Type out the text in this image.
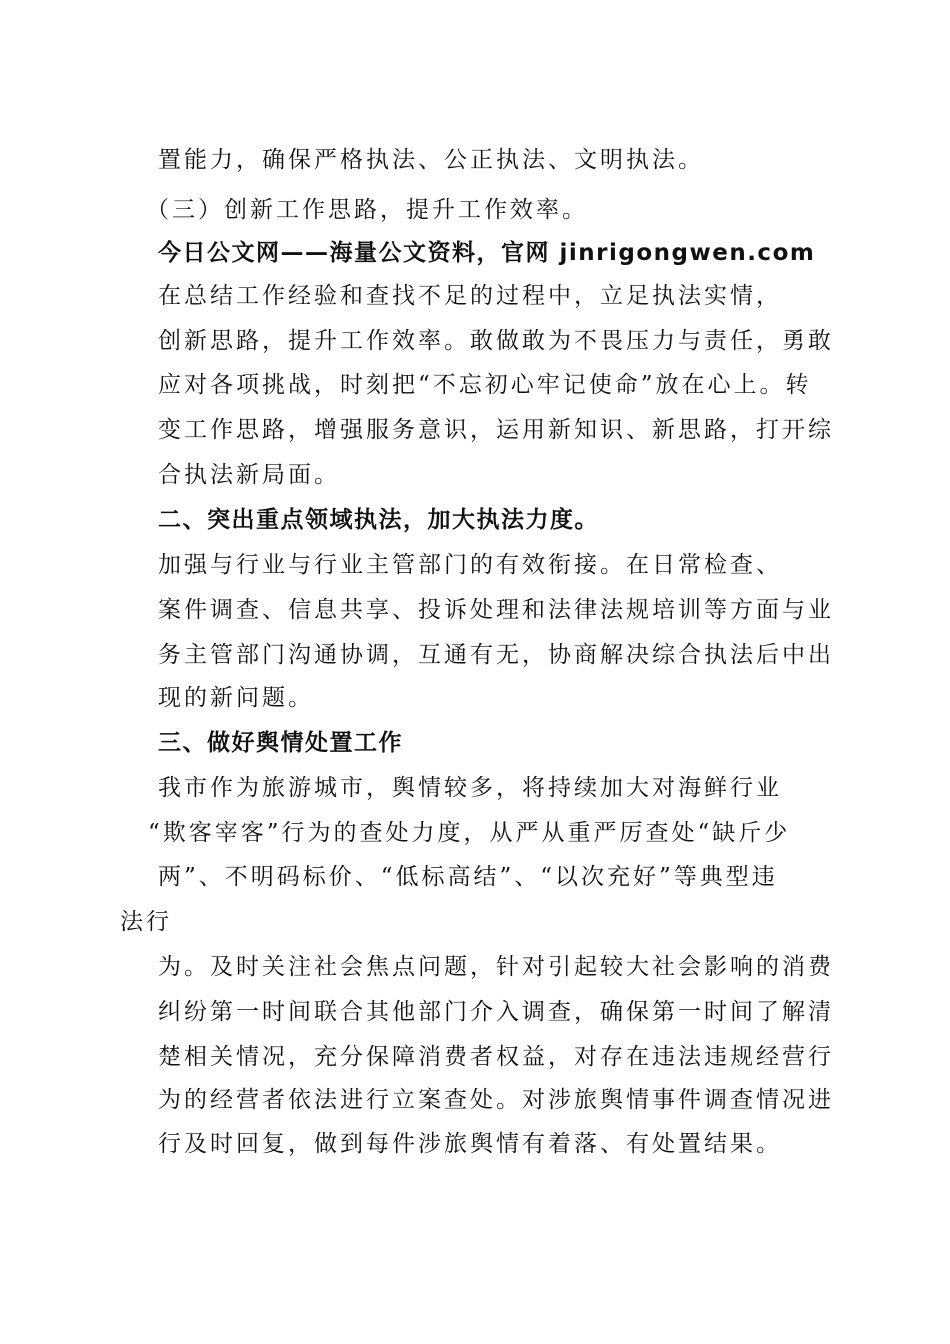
置能力，确保严格执法、公正执法、文明执法。
（三）创新工作思路，提升工作效率。
今日公文网——海量公文资料，官网 jinrigongwen.com
在总结工作经验和查找不足的过程中，立足执法实情，
创新思路，提升工作效率。敢做敢为不畏压力与责任，勇敢
应对各项挑战，时刻把“不忘初心牢记使命”放在心上。转
变工作思路，增强服务意识，运用新知识、新思路，打开综
合执法新局面。
二、突出重点领域执法，加大执法力度。
加强与行业与行业主管部门的有效衔接。在日常检查、
案件调查、信息共享、投诉处理和法律法规培训等方面与业
务主管部门沟通协调，互通有无，协商解决综合执法后中出
现的新问题。
三、做好舆情处置工作
我市作为旅游城市，舆情较多，将持续加大对海鲜行业
“欺客宰客”行为的查处力度，从严从重严厉查处“缺斤少
两”、不明码标价、“低标高结”、“以次充好”等典型违
法行
为。及时关注社会焦点问题，针对引起较大社会影响的消费
纠纷第一时间联合其他部门介入调查，确保第一时间了解清
楚相关情况，充分保障消费者权益，对存在违法违规经营行
为的经营者依法进行立案查处。对涉旅舆情事件调查情况进
行及时回复，做到每件涉旅舆情有着落、有处置结果。
